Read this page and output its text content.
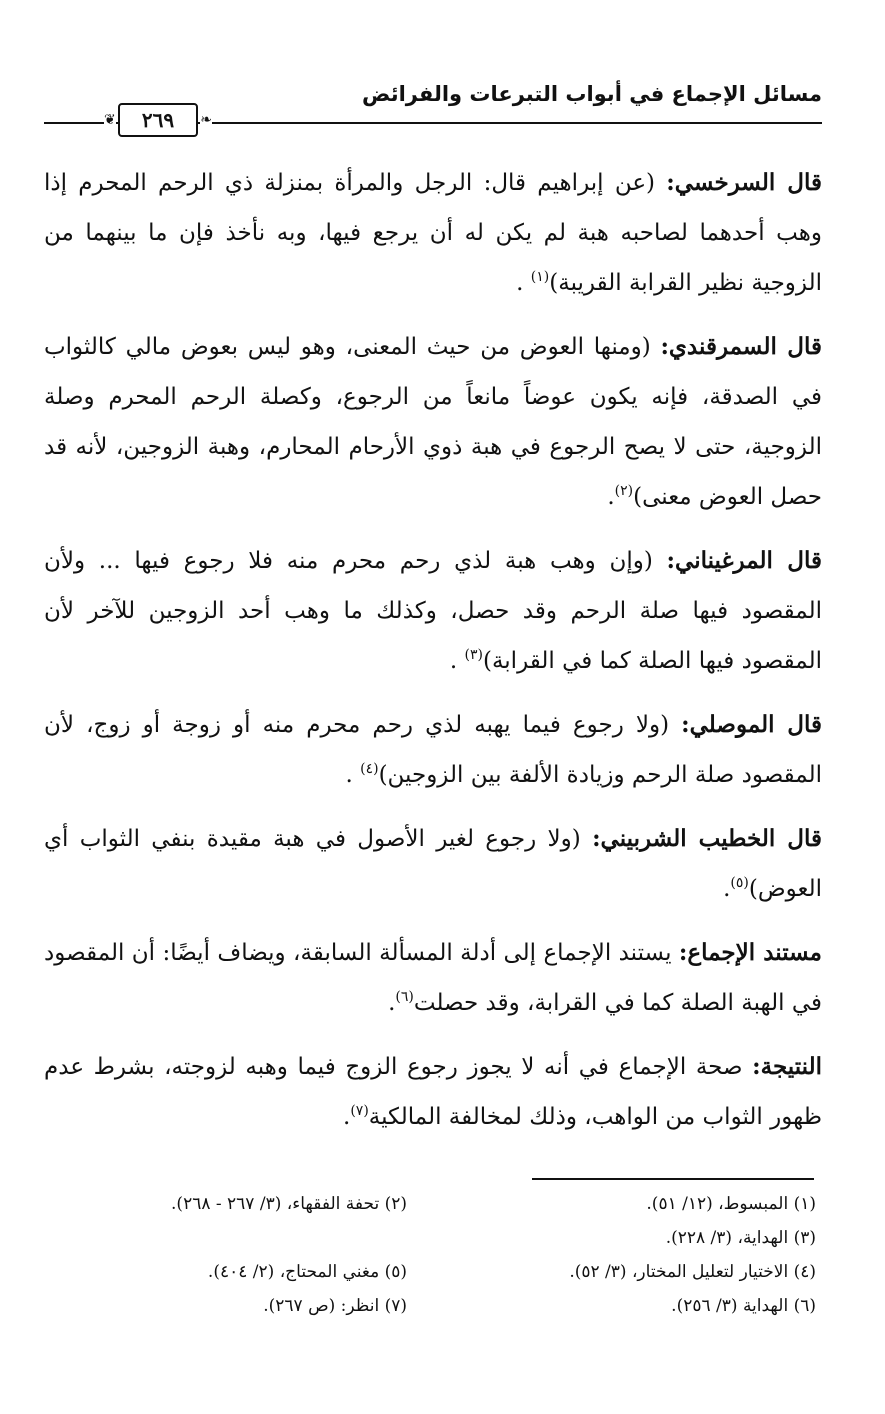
مسائل الإجماع في أبواب التبرعات والفرائض
❦	❧
٢٦٩

قال السرخسي: (عن إبراهيم قال: الرجل والمرأة بمنزلة ذي الرحم المحرم إذا وهب أحدهما لصاحبه هبة لم يكن له أن يرجع فيها، وبه نأخذ فإن ما بينهما من الزوجية نظير القرابة القريبة)$^{(١)}$ .

قال السمرقندي: (ومنها العوض من حيث المعنى، وهو ليس بعوض مالي كالثواب في الصدقة، فإنه يكون عوضاً مانعاً من الرجوع، وكصلة الرحم المحرم وصلة الزوجية، حتى لا يصح الرجوع في هبة ذوي الأرحام المحارم، وهبة الزوجين، لأنه قد حصل العوض معنى)$^{(٢)}$.

قال المرغيناني: (وإن وهب هبة لذي رحم محرم منه فلا رجوع فيها ... ولأن المقصود فيها صلة الرحم وقد حصل، وكذلك ما وهب أحد الزوجين للآخر لأن المقصود فيها الصلة كما في القرابة)$^{(٣)}$ .

قال الموصلي: (ولا رجوع فيما يهبه لذي رحم محرم منه أو زوجة أو زوج، لأن المقصود صلة الرحم وزيادة الألفة بين الزوجين)$^{(٤)}$ .

قال الخطيب الشربيني: (ولا رجوع لغير الأصول في هبة مقيدة بنفي الثواب أي العوض)$^{(٥)}$.

مستند الإجماع: يستند الإجماع إلى أدلة المسألة السابقة، ويضاف أيضًا: أن المقصود في الهبة الصلة كما في القرابة، وقد حصلت$^{(٦)}$.

النتيجة: صحة الإجماع في أنه لا يجوز رجوع الزوج فيما وهبه لزوجته، بشرط عدم ظهور الثواب من الواهب، وذلك لمخالفة المالكية$^{(٧)}$.

(١) المبسوط، (١٢/ ٥١).
(٢) تحفة الفقهاء، (٣/ ٢٦٧ - ٢٦٨).
(٣) الهداية، (٣/ ٢٢٨).
(٤) الاختيار لتعليل المختار، (٣/ ٥٢).
(٥) مغني المحتاج، (٢/ ٤٠٤).
(٦) الهداية (٣/ ٢٥٦).
(٧) انظر: (ص ٢٦٧).
